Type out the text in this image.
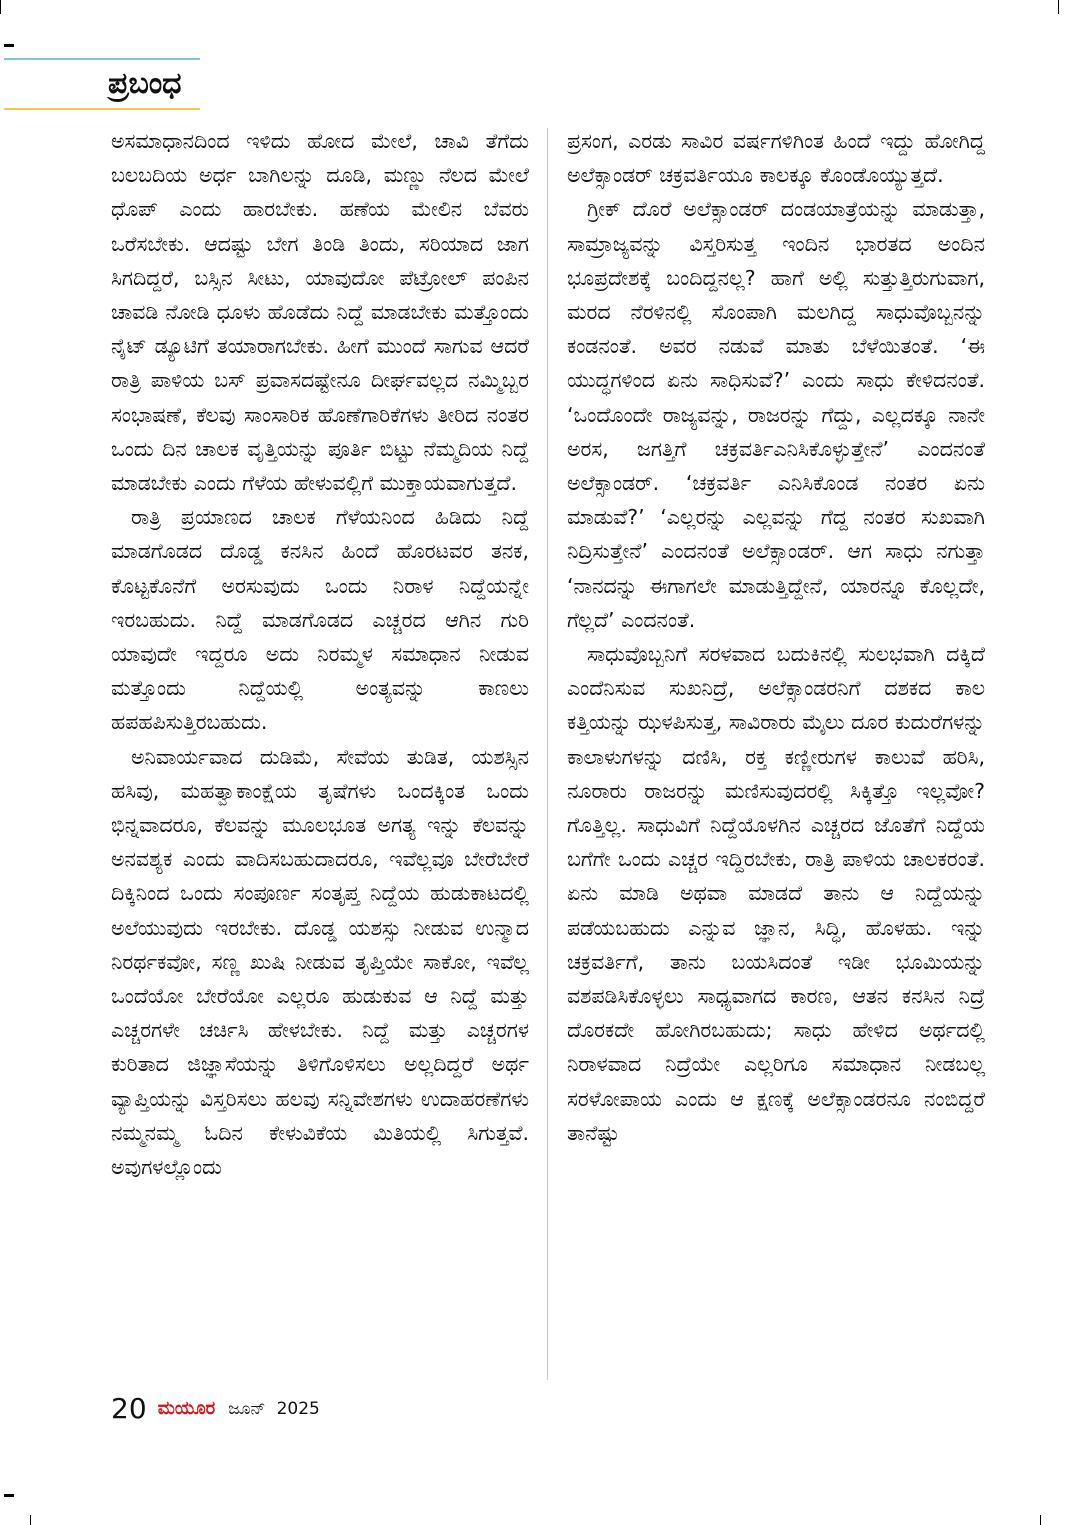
ಪ್ರಬಂಧ

ಅಸಮಾಧಾನದಿಂದ ಇಳಿದು ಹೋದ ಮೇಲೆ, ಚಾವಿ ತೆಗೆದು ಬಲಬದಿಯ ಅರ್ಧ ಬಾಗಿಲನ್ನು ದೂಡಿ, ಮಣ್ಣು ನೆಲದ ಮೇಲೆ ಧೊಪ್ ಎಂದು ಹಾರಬೇಕು. ಹಣೆಯ ಮೇಲಿನ ಬೆವರು ಒರೆಸಬೇಕು. ಆದಷ್ಟು ಬೇಗ ತಿಂಡಿ ತಿಂದು, ಸರಿಯಾದ ಜಾಗ ಸಿಗದಿದ್ದರೆ, ಬಸ್ಸಿನ ಸೀಟು, ಯಾವುದೋ ಪೆಟ್ರೋಲ್ ಪಂಪಿನ ಚಾವಡಿ ನೋಡಿ ಧೂಳು ಹೊಡೆದು ನಿದ್ದೆ ಮಾಡಬೇಕು ಮತ್ತೊಂದು ನೈಟ್ ಡ್ಯೂಟಿಗೆ ತಯಾರಾಗಬೇಕು. ಹೀಗೆ ಮುಂದೆ ಸಾಗುವ ಆದರೆ ರಾತ್ರಿ ಪಾಳಿಯ ಬಸ್ ಪ್ರವಾಸದಷ್ಟೇನೂ ದೀರ್ಘವಲ್ಲದ ನಮ್ಮಿಬ್ಬರ ಸಂಭಾಷಣೆ, ಕೆಲವು ಸಾಂಸಾರಿಕ ಹೊಣೆಗಾರಿಕೆಗಳು ತೀರಿದ ನಂತರ ಒಂದು ದಿನ ಚಾಲಕ ವೃತ್ತಿಯನ್ನು ಪೂರ್ತಿ ಬಿಟ್ಟು ನೆಮ್ಮದಿಯ ನಿದ್ದೆ ಮಾಡಬೇಕು ಎಂದು ಗೆಳೆಯ ಹೇಳುವಲ್ಲಿಗೆ ಮುಕ್ತಾಯವಾಗುತ್ತದೆ.

ರಾತ್ರಿ ಪ್ರಯಾಣದ ಚಾಲಕ ಗೆಳೆಯನಿಂದ ಹಿಡಿದು ನಿದ್ದೆ ಮಾಡಗೊಡದ ದೊಡ್ಡ ಕನಸಿನ ಹಿಂದೆ ಹೊರಟವರ ತನಕ, ಕೊಟ್ಟಕೊನೆಗೆ ಅರಸುವುದು ಒಂದು ನಿರಾಳ ನಿದ್ದೆಯನ್ನೇ ಇರಬಹುದು. ನಿದ್ದೆ ಮಾಡಗೊಡದ ಎಚ್ಚರದ ಆಗಿನ ಗುರಿ ಯಾವುದೇ ಇದ್ದರೂ ಅದು ನಿರಮ್ಮಳ ಸಮಾಧಾನ ನೀಡುವ ಮತ್ತೊಂದು ನಿದ್ದೆಯಲ್ಲಿ ಅಂತ್ಯವನ್ನು ಕಾಣಲು ಹಪಹಪಿಸುತ್ತಿರಬಹುದು.

ಅನಿವಾರ್ಯವಾದ ದುಡಿಮೆ, ಸೇವೆಯ ತುಡಿತ, ಯಶಸ್ಸಿನ ಹಸಿವು, ಮಹತ್ವಾಕಾಂಕ್ಷೆಯ ತೃಷೆಗಳು ಒಂದಕ್ಕಿಂತ ಒಂದು ಭಿನ್ನವಾದರೂ, ಕೆಲವನ್ನು ಮೂಲಭೂತ ಅಗತ್ಯ ಇನ್ನು ಕೆಲವನ್ನು ಅನವಶ್ಯಕ ಎಂದು ವಾದಿಸಬಹುದಾದರೂ, ಇವೆಲ್ಲವೂ ಬೇರೆಬೇರೆ ದಿಕ್ಕಿನಿಂದ ಒಂದು ಸಂಪೂರ್ಣ ಸಂತೃಪ್ತ ನಿದ್ದೆಯ ಹುಡುಕಾಟದಲ್ಲಿ ಅಲೆಯುವುದು ಇರಬೇಕು. ದೊಡ್ಡ ಯಶಸ್ಸು ನೀಡುವ ಉನ್ಮಾದ ನಿರರ್ಥಕವೋ, ಸಣ್ಣ ಖುಷಿ ನೀಡುವ ತೃಪ್ತಿಯೇ ಸಾಕೋ, ಇವೆಲ್ಲ ಒಂದೆಯೋ ಬೇರೆಯೋ ಎಲ್ಲರೂ ಹುಡುಕುವ ಆ ನಿದ್ದೆ ಮತ್ತು ಎಚ್ಚರಗಳೇ ಚರ್ಚಿಸಿ ಹೇಳಬೇಕು. ನಿದ್ದೆ ಮತ್ತು ಎಚ್ಚರಗಳ ಕುರಿತಾದ ಜಿಜ್ಞಾಸೆಯನ್ನು ತಿಳಿಗೊಳಿಸಲು ಅಲ್ಲದಿದ್ದರೆ ಅರ್ಥ ವ್ಯಾಪ್ತಿಯನ್ನು ವಿಸ್ತರಿಸಲು ಹಲವು ಸನ್ನಿವೇಶಗಳು ಉದಾಹರಣೆಗಳು ನಮ್ಮನಮ್ಮ ಓದಿನ ಕೇಳುವಿಕೆಯ ಮಿತಿಯಲ್ಲಿ ಸಿಗುತ್ತವೆ. ಅವುಗಳಲ್ಲೊಂದು

ಪ್ರಸಂಗ, ಎರಡು ಸಾವಿರ ವರ್ಷಗಳಿಗಿಂತ ಹಿಂದೆ ಇದ್ದು ಹೋಗಿದ್ದ ಅಲೆಕ್ಸಾಂಡರ್ ಚಕ್ರವರ್ತಿಯೂ ಕಾಲಕ್ಕೂ ಕೊಂಡೊಯ್ಯುತ್ತದೆ.

ಗ್ರೀಕ್ ದೊರೆ ಅಲೆಕ್ಸಾಂಡರ್ ದಂಡಯಾತ್ರೆಯನ್ನು ಮಾಡುತ್ತಾ, ಸಾಮ್ರಾಜ್ಯವನ್ನು ವಿಸ್ತರಿಸುತ್ತ ಇಂದಿನ ಭಾರತದ ಅಂದಿನ ಭೂಪ್ರದೇಶಕ್ಕೆ ಬಂದಿದ್ದನಲ್ಲ? ಹಾಗೆ ಅಲ್ಲಿ ಸುತ್ತುತ್ತಿರುಗುವಾಗ, ಮರದ ನೆರಳಿನಲ್ಲಿ ಸೊಂಪಾಗಿ ಮಲಗಿದ್ದ ಸಾಧುವೊಬ್ಬನನ್ನು ಕಂಡನಂತೆ. ಅವರ ನಡುವೆ ಮಾತು ಬೆಳೆಯಿತಂತೆ. ‘ಈ ಯುದ್ಧಗಳಿಂದ ಏನು ಸಾಧಿಸುವೆ?’ ಎಂದು ಸಾಧು ಕೇಳಿದನಂತೆ. ‘ಒಂದೊಂದೇ ರಾಜ್ಯವನ್ನು, ರಾಜರನ್ನು ಗೆದ್ದು, ಎಲ್ಲದಕ್ಕೂ ನಾನೇ ಅರಸ, ಜಗತ್ತಿಗೆ ಚಕ್ರವರ್ತಿಎನಿಸಿಕೊಳ್ಳುತ್ತೇನೆ’ ಎಂದನಂತೆ ಅಲೆಕ್ಸಾಂಡರ್. ‘ಚಕ್ರವರ್ತಿ ಎನಿಸಿಕೊಂಡ ನಂತರ ಏನು ಮಾಡುವೆ?’ ‘ಎಲ್ಲರನ್ನು ಎಲ್ಲವನ್ನು ಗೆದ್ದ ನಂತರ ಸುಖವಾಗಿ ನಿದ್ರಿಸುತ್ತೇನೆ’ ಎಂದನಂತೆ ಅಲೆಕ್ಸಾಂಡರ್. ಆಗ ಸಾಧು ನಗುತ್ತಾ ‘ನಾನದನ್ನು ಈಗಾಗಲೇ ಮಾಡುತ್ತಿದ್ದೇನೆ, ಯಾರನ್ನೂ ಕೊಲ್ಲದೇ, ಗೆಲ್ಲದೆ’ ಎಂದನಂತೆ.

ಸಾಧುವೊಬ್ಬನಿಗೆ ಸರಳವಾದ ಬದುಕಿನಲ್ಲಿ ಸುಲಭವಾಗಿ ದಕ್ಕಿದೆ ಎಂದೆನಿಸುವ ಸುಖನಿದ್ರೆ, ಅಲೆಕ್ಸಾಂಡರನಿಗೆ ದಶಕದ ಕಾಲ ಕತ್ತಿಯನ್ನು ಝಳಪಿಸುತ್ತ, ಸಾವಿರಾರು ಮೈಲು ದೂರ ಕುದುರೆಗಳನ್ನು ಕಾಲಾಳುಗಳನ್ನು ದಣಿಸಿ, ರಕ್ತ ಕಣ್ಣೀರುಗಳ ಕಾಲುವೆ ಹರಿಸಿ, ನೂರಾರು ರಾಜರನ್ನು ಮಣಿಸುವುದರಲ್ಲಿ ಸಿಕ್ಕಿತ್ತೊ ಇಲ್ಲವೋ? ಗೊತ್ತಿಲ್ಲ. ಸಾಧುವಿಗೆ ನಿದ್ದೆಯೊಳಗಿನ ಎಚ್ಚರದ ಜೊತೆಗೆ ನಿದ್ದೆಯ ಬಗೆಗೇ ಒಂದು ಎಚ್ಚರ ಇದ್ದಿರಬೇಕು, ರಾತ್ರಿ ಪಾಳಿಯ ಚಾಲಕರಂತೆ. ಏನು ಮಾಡಿ ಅಥವಾ ಮಾಡದೆ ತಾನು ಆ ನಿದ್ದೆಯನ್ನು ಪಡೆಯಬಹುದು ಎನ್ನುವ ಜ್ಞಾನ, ಸಿದ್ಧಿ, ಹೊಳಹು. ಇನ್ನು ಚಕ್ರವರ್ತಿಗೆ, ತಾನು ಬಯಸಿದಂತೆ ಇಡೀ ಭೂಮಿಯನ್ನು ವಶಪಡಿಸಿಕೊಳ್ಳಲು ಸಾಧ್ಯವಾಗದ ಕಾರಣ, ಆತನ ಕನಸಿನ ನಿದ್ರೆ ದೊರಕದೇ ಹೋಗಿರಬಹುದು; ಸಾಧು ಹೇಳಿದ ಅರ್ಥದಲ್ಲಿ ನಿರಾಳವಾದ ನಿದ್ರೆಯೇ ಎಲ್ಲರಿಗೂ ಸಮಾಧಾನ ನೀಡಬಲ್ಲ ಸರಳೋಪಾಯ ಎಂದು ಆ ಕ್ಷಣಕ್ಕೆ ಅಲೆಕ್ಸಾಂಡರನೂ ನಂಬಿದ್ದರೆ ತಾನೆಷ್ಟು

20 ಮಯೂರ ಜೂನ್ 2025
